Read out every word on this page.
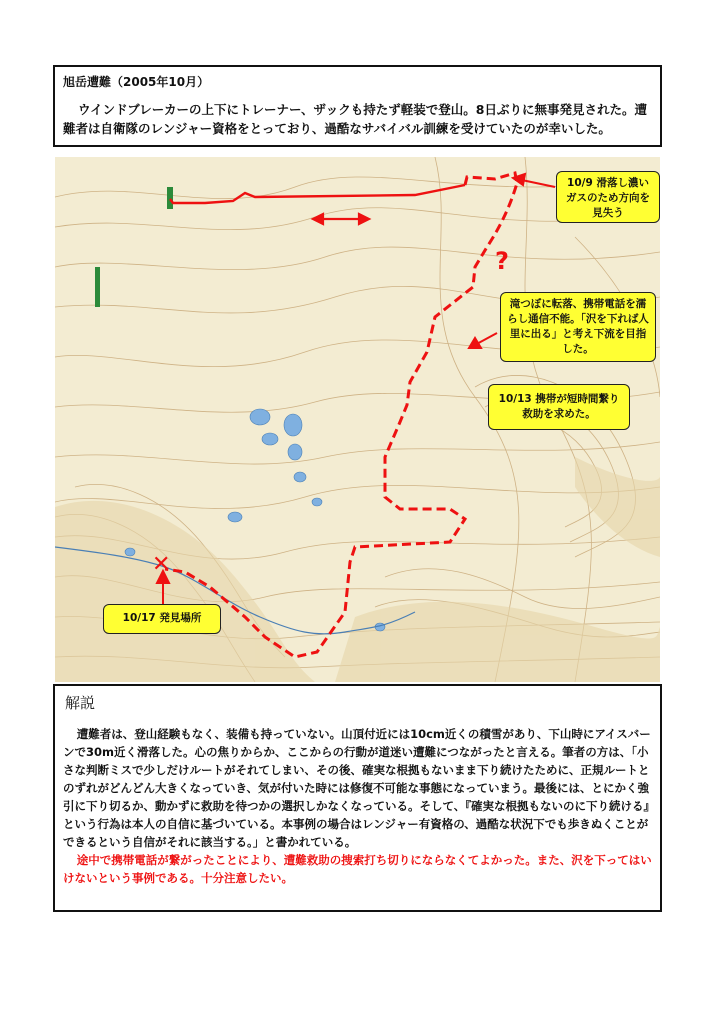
旭岳遭難（2005年10月）

ウインドブレーカーの上下にトレーナー、ザックも持たず軽装で登山。8日ぶりに無事発見された。遭難者は自衛隊のレンジャー資格をとっており、過酷なサバイバル訓練を受けていたのが幸いした。

?
✕
10/9 滑落し濃いガスのため方向を見失う
滝つぼに転落、携帯電話を濡らし通信不能。「沢を下れば人里に出る」と考え下流を目指した。
10/13 携帯が短時間繋り救助を求めた。
10/17 発見場所

解説

遭難者は、登山経験もなく、装備も持っていない。山頂付近には10cm近くの積雪があり、下山時にアイスバーンで30m近く滑落した。心の焦りからか、ここからの行動が道迷い遭難につながったと言える。筆者の方は、「小さな判断ミスで少しだけルートがそれてしまい、その後、確実な根拠もないまま下り続けたために、正規ルートとのずれがどんどん大きくなっていき、気が付いた時には修復不可能な事態になっていまう。最後には、とにかく強引に下り切るか、動かずに救助を待つかの選択しかなくなっている。そして、『確実な根拠もないのに下り続ける』という行為は本人の自信に基づいている。本事例の場合はレンジャー有資格の、過酷な状況下でも歩きぬくことができるという自信がそれに該当する。」と書かれている。

途中で携帯電話が繋がったことにより、遭難救助の捜索打ち切りにならなくてよかった。また、沢を下ってはいけないという事例である。十分注意したい。
